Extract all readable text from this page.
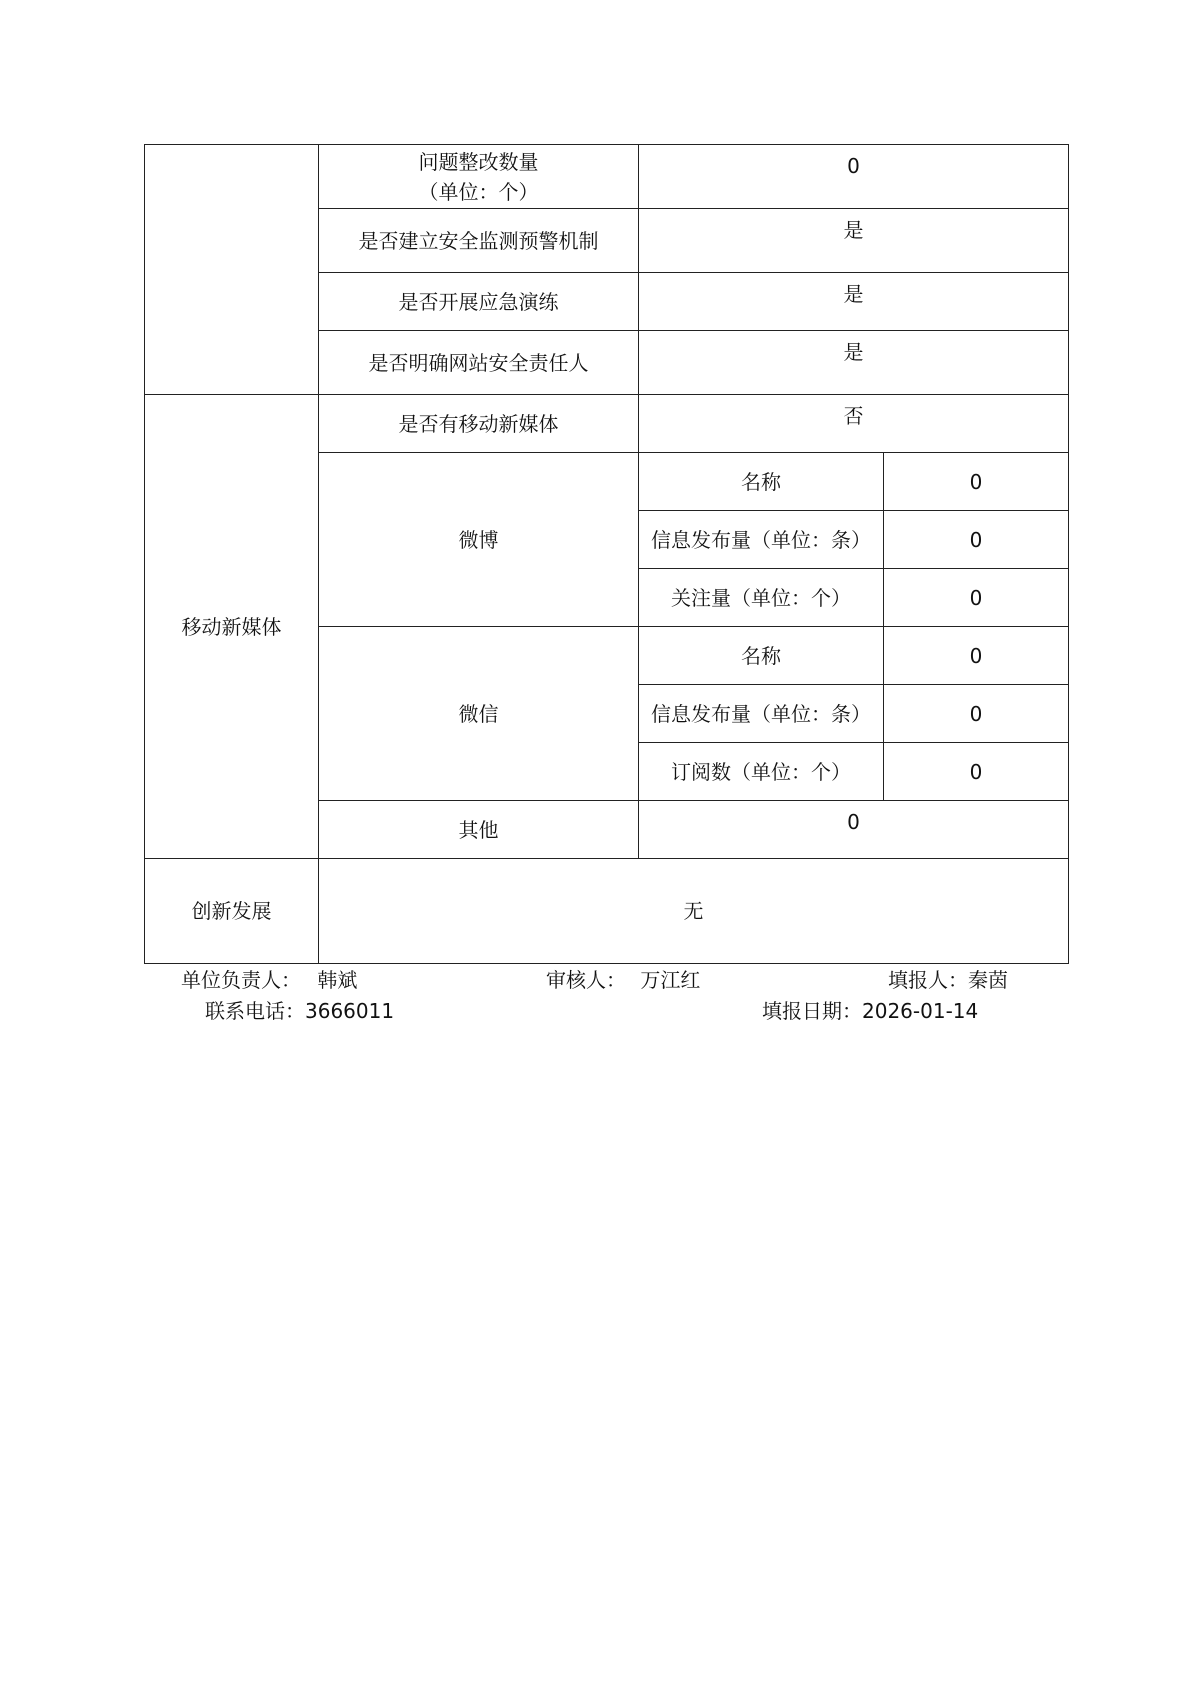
	问题整改数量
（单位：个）	0	
	是否建立安全监测预警机制	是	
	是否开展应急演练	是	
	是否明确网站安全责任人	是	
移动新媒体	是否有移动新媒体	否	
	微博	名称	0
		信息发布量（单位：条）	0
		关注量（单位：个）	0
	微信	名称	0
		信息发布量（单位：条）	0
		订阅数（单位：个）	0
	其他	0	
创新发展	无		
单位负责人： 韩斌	审核人： 万江红	填报人：秦茵
联系电话：3666011	填报日期：2026-01-14
